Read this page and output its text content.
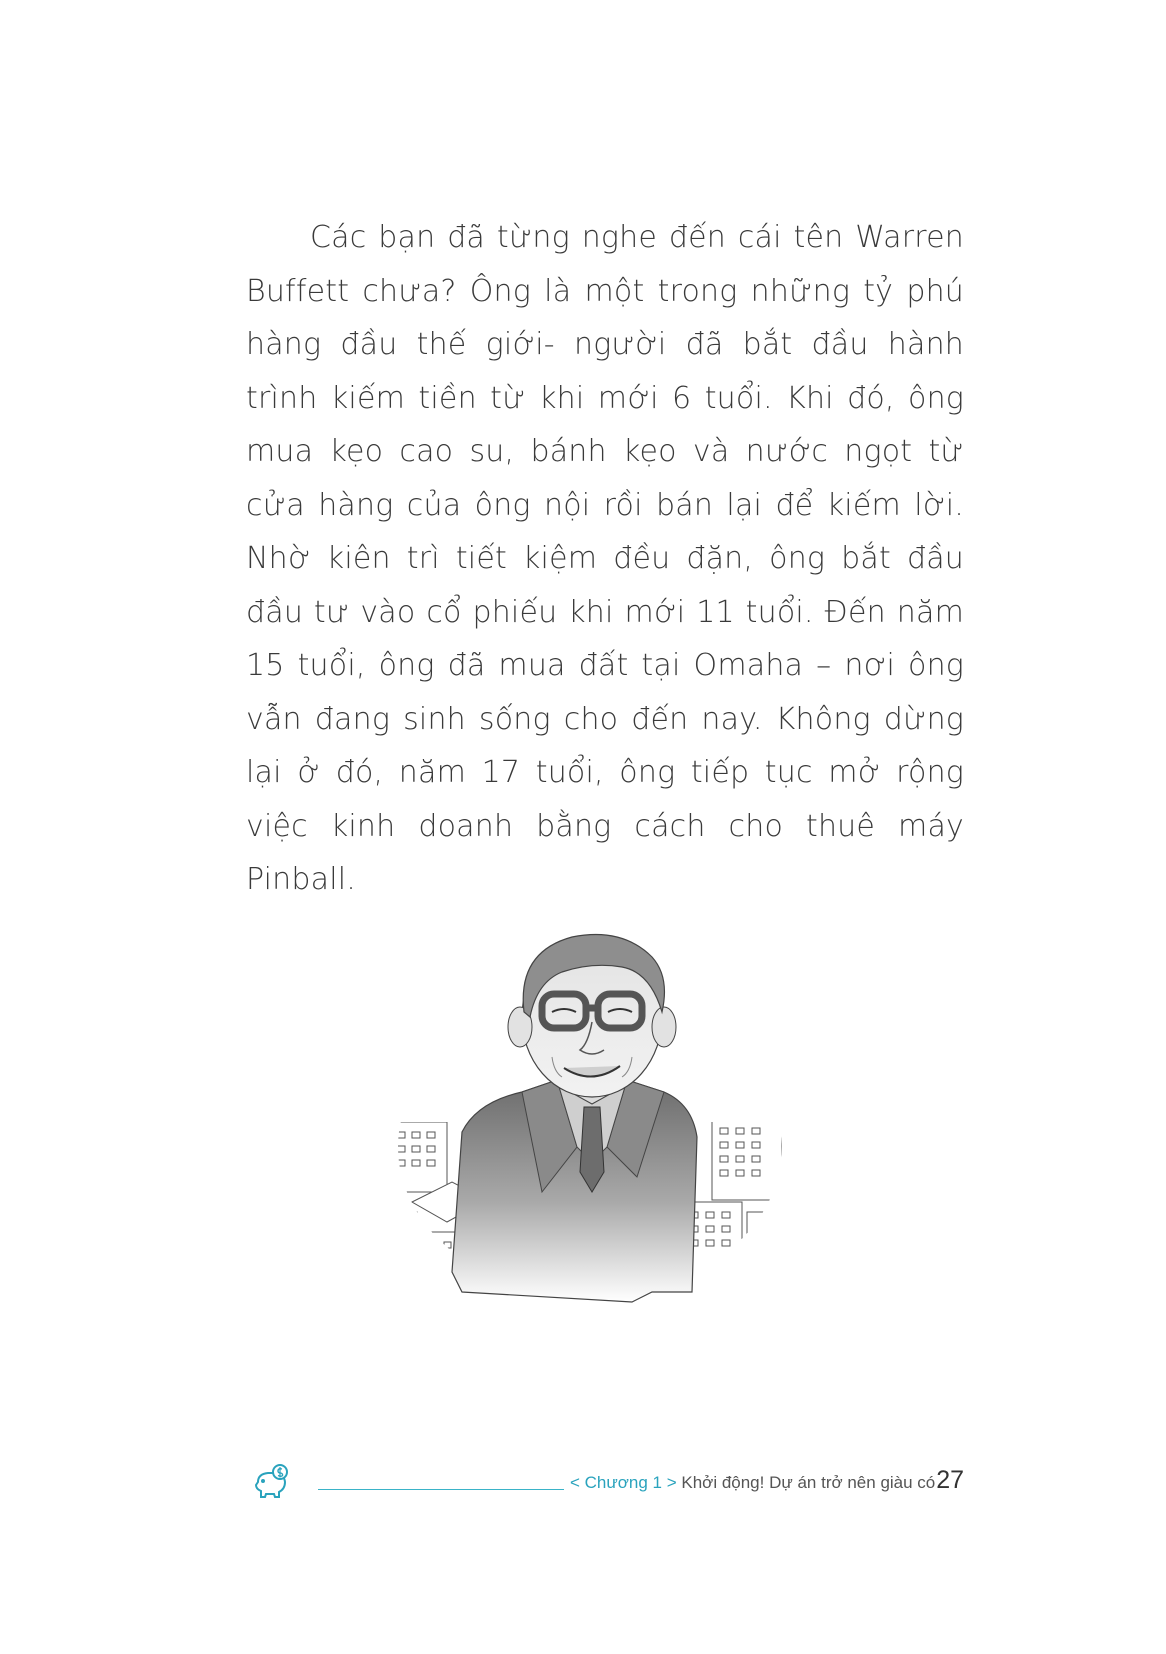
Các bạn đã từng nghe đến cái tên Warren Buffett chưa? Ông là một trong những tỷ phú hàng đầu thế giới- người đã bắt đầu hành trình kiếm tiền từ khi mới 6 tuổi. Khi đó, ông mua kẹo cao su, bánh kẹo và nước ngọt từ cửa hàng của ông nội rồi bán lại để kiếm lời. Nhờ kiên trì tiết kiệm đều đặn, ông bắt đầu đầu tư vào cổ phiếu khi mới 11 tuổi. Đến năm 15 tuổi, ông đã mua đất tại Omaha – nơi ông vẫn đang sinh sống cho đến nay. Không dừng lại ở đó, năm 17 tuổi, ông tiếp tục mở rộng việc kinh doanh bằng cách cho thuê máy Pinball.

< Chương 1 > Khởi động! Dự án trở nên giàu có 27
